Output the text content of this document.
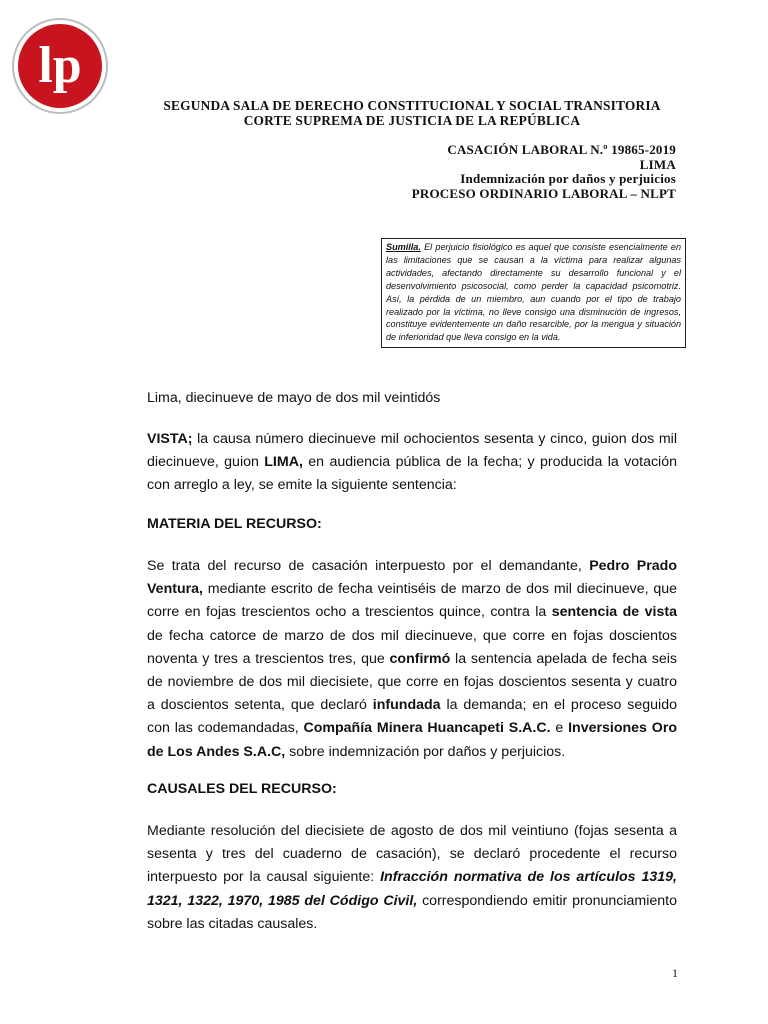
lp
SEGUNDA SALA DE DERECHO CONSTITUCIONAL Y SOCIAL TRANSITORIA
CORTE SUPREMA DE JUSTICIA DE LA REPÚBLICA
CASACIÓN LABORAL N.º 19865-2019
LIMA
Indemnización por daños y perjuicios
PROCESO ORDINARIO LABORAL – NLPT
Sumilla. El perjuicio fisiológico es aquel que consiste esencialmente en las limitaciones que se causan a la víctima para realizar algunas actividades, afectando directamente su desarrollo funcional y el desenvolvimiento psicosocial, como perder la capacidad psicomotriz. Así, la pérdida de un miembro, aun cuando por el tipo de trabajo realizado por la víctima, no lleve consigo una disminución de ingresos, constituye evidentemente un daño resarcible, por la mengua y situación de inferioridad que lleva consigo en la vida.
Lima, diecinueve de mayo de dos mil veintidós
VISTA; la causa número diecinueve mil ochocientos sesenta y cinco, guion dos mil diecinueve, guion LIMA, en audiencia pública de la fecha; y producida la votación con arreglo a ley, se emite la siguiente sentencia:
MATERIA DEL RECURSO:
Se trata del recurso de casación interpuesto por el demandante, Pedro Prado Ventura, mediante escrito de fecha veintiséis de marzo de dos mil diecinueve, que corre en fojas trescientos ocho a trescientos quince, contra la sentencia de vista de fecha catorce de marzo de dos mil diecinueve, que corre en fojas doscientos noventa y tres a trescientos tres, que confirmó la sentencia apelada de fecha seis de noviembre de dos mil diecisiete, que corre en fojas doscientos sesenta y cuatro a doscientos setenta, que declaró infundada la demanda; en el proceso seguido con las codemandadas, Compañía Minera Huancapeti S.A.C. e Inversiones Oro de Los Andes S.A.C, sobre indemnización por daños y perjuicios.
CAUSALES DEL RECURSO:
Mediante resolución del diecisiete de agosto de dos mil veintiuno (fojas sesenta a sesenta y tres del cuaderno de casación), se declaró procedente el recurso interpuesto por la causal siguiente: Infracción normativa de los artículos 1319, 1321, 1322, 1970, 1985 del Código Civil, correspondiendo emitir pronunciamiento sobre las citadas causales.
1
